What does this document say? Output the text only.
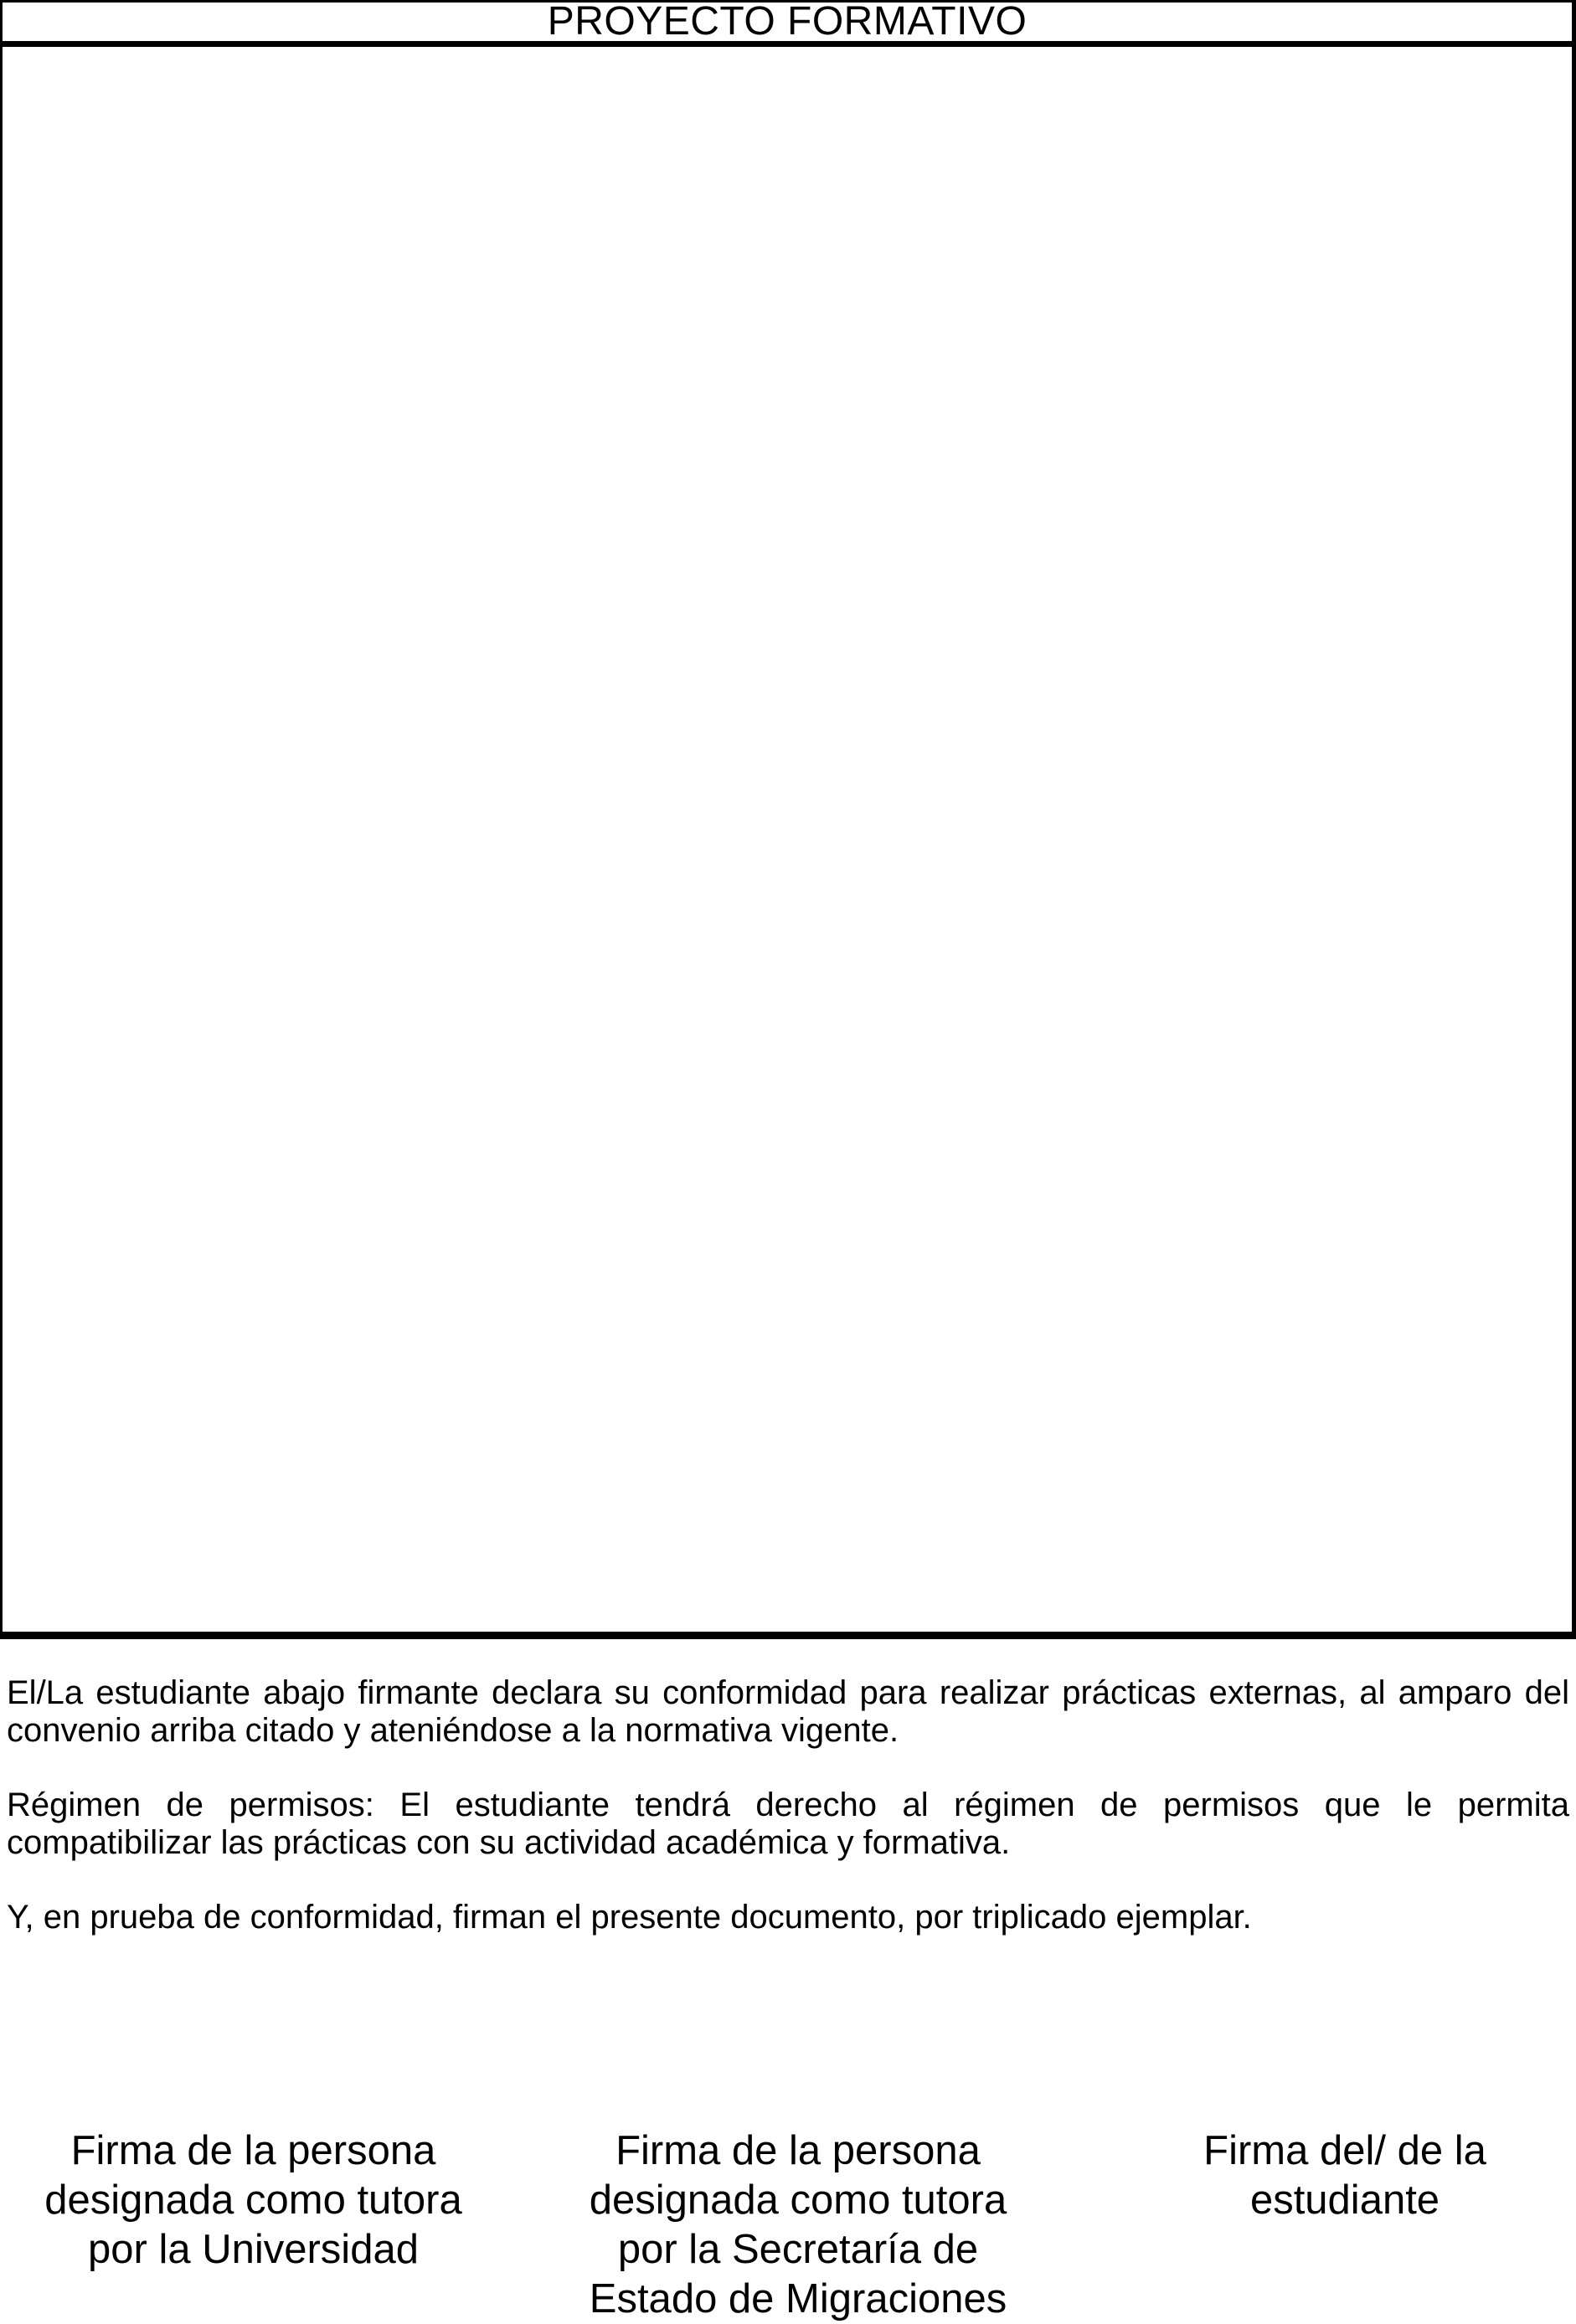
PROYECTO FORMATIVO
El/La estudiante abajo firmante declara su conformidad para realizar prácticas externas, al amparo del
convenio arriba citado y ateniéndose a la normativa vigente.
Régimen de permisos: El estudiante tendrá derecho al régimen de permisos que le permita
compatibilizar las prácticas con su actividad académica y formativa.
Y, en prueba de conformidad, firman el presente documento, por triplicado ejemplar.
Firma de la persona designada como tutora por la Universidad
Firma de la persona designada como tutora por la Secretaría de Estado de Migraciones
Firma del/ de la estudiante
